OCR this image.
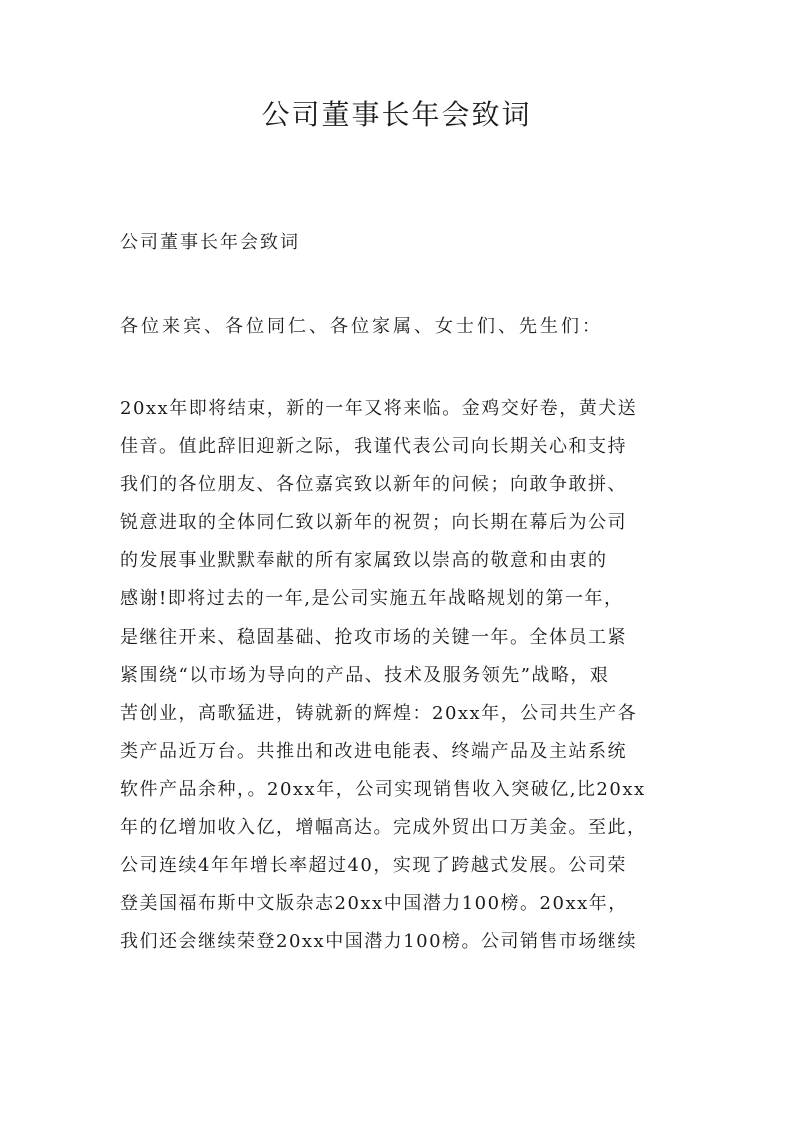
公司董事长年会致词

公司董事长年会致词

各位来宾、各位同仁、各位家属、女士们、先生们：

20xx年即将结束，新的一年又将来临。金鸡交好卷，黄犬送
佳音。值此辞旧迎新之际，我谨代表公司向长期关心和支持
我们的各位朋友、各位嘉宾致以新年的问候；向敢争敢拼、
锐意进取的全体同仁致以新年的祝贺；向长期在幕后为公司
的发展事业默默奉献的所有家属致以崇高的敬意和由衷的
感谢!即将过去的一年,是公司实施五年战略规划的第一年，
是继往开来、稳固基础、抢攻市场的关键一年。全体员工紧
紧围绕“以市场为导向的产品、技术及服务领先”战略，艰
苦创业，高歌猛进，铸就新的辉煌：20xx年，公司共生产各
类产品近万台。共推出和改进电能表、终端产品及主站系统
软件产品余种，。20xx年，公司实现销售收入突破亿,比20xx
年的亿增加收入亿，增幅高达。完成外贸出口万美金。至此，
公司连续4年年增长率超过40，实现了跨越式发展。公司荣
登美国福布斯中文版杂志20xx中国潜力100榜。20xx年，
我们还会继续荣登20xx中国潜力100榜。公司销售市场继续
